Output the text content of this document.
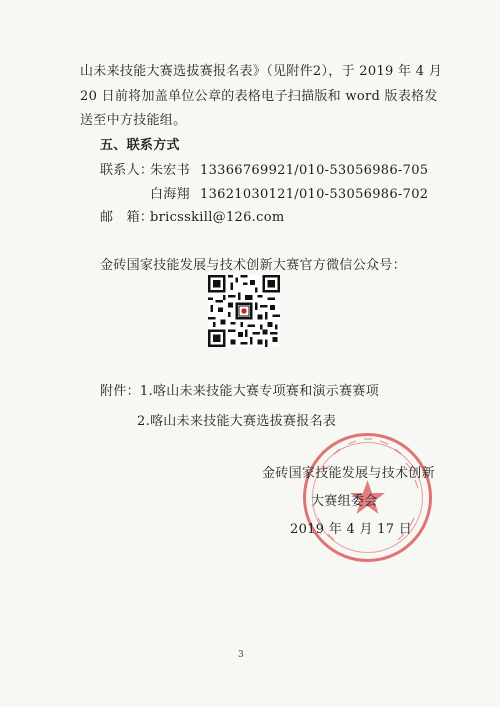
山未来技能大赛选拔赛报名表》（见附件2），于 2019 年 4 月
20 日前将加盖单位公章的表格电子扫描版和 word 版表格发
送至中方技能组。
五、联系方式
联系人：
朱宏书 13366769921/010-53056986-705
白海翔 13621030121/010-53056986-702
邮　箱：
bricsskill@126.com
金砖国家技能发展与技术创新大赛官方微信公众号：
附件：1.喀山未来技能大赛专项赛和演示赛赛项
2.喀山未来技能大赛选拔赛报名表
金砖国家技能发展与技术创新
大赛组委会
2019 年 4 月 17 日
3
